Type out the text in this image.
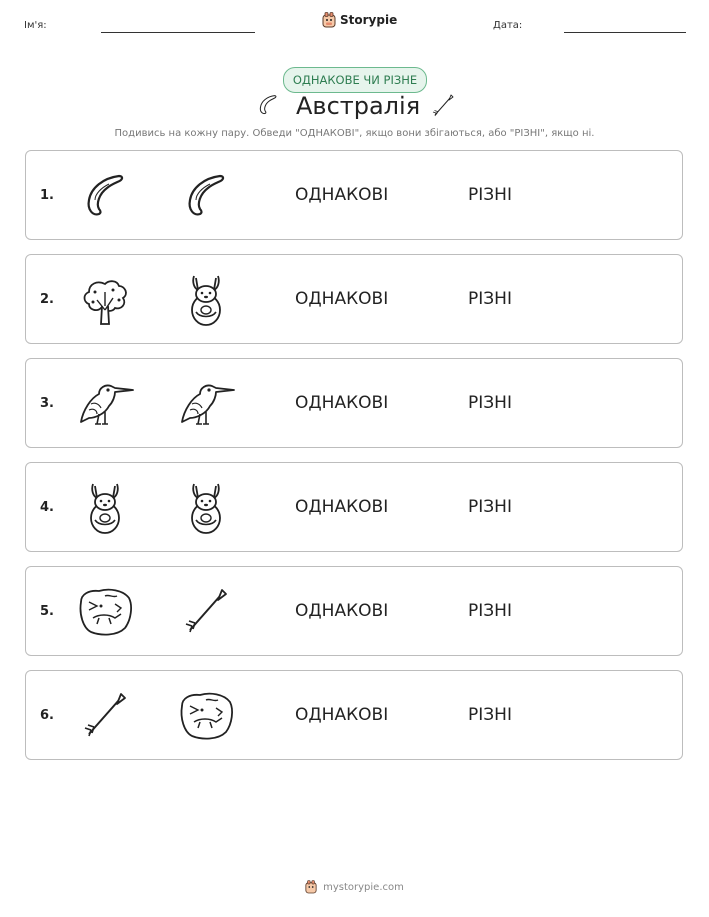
Ім'я:	Storypie	Дата:
ОДНАКОВЕ ЧИ РІЗНЕ
Австралія
Подивись на кожну пару. Обведи "ОДНАКОВІ", якщо вони збігаються, або "РІЗНІ", якщо ні.
1.	ОДНАКОВІ	РІЗНІ
2.	ОДНАКОВІ	РІЗНІ
3.	ОДНАКОВІ	РІЗНІ
4.	ОДНАКОВІ	РІЗНІ
5.	ОДНАКОВІ	РІЗНІ
6.	ОДНАКОВІ	РІЗНІ
mystorypie.com
